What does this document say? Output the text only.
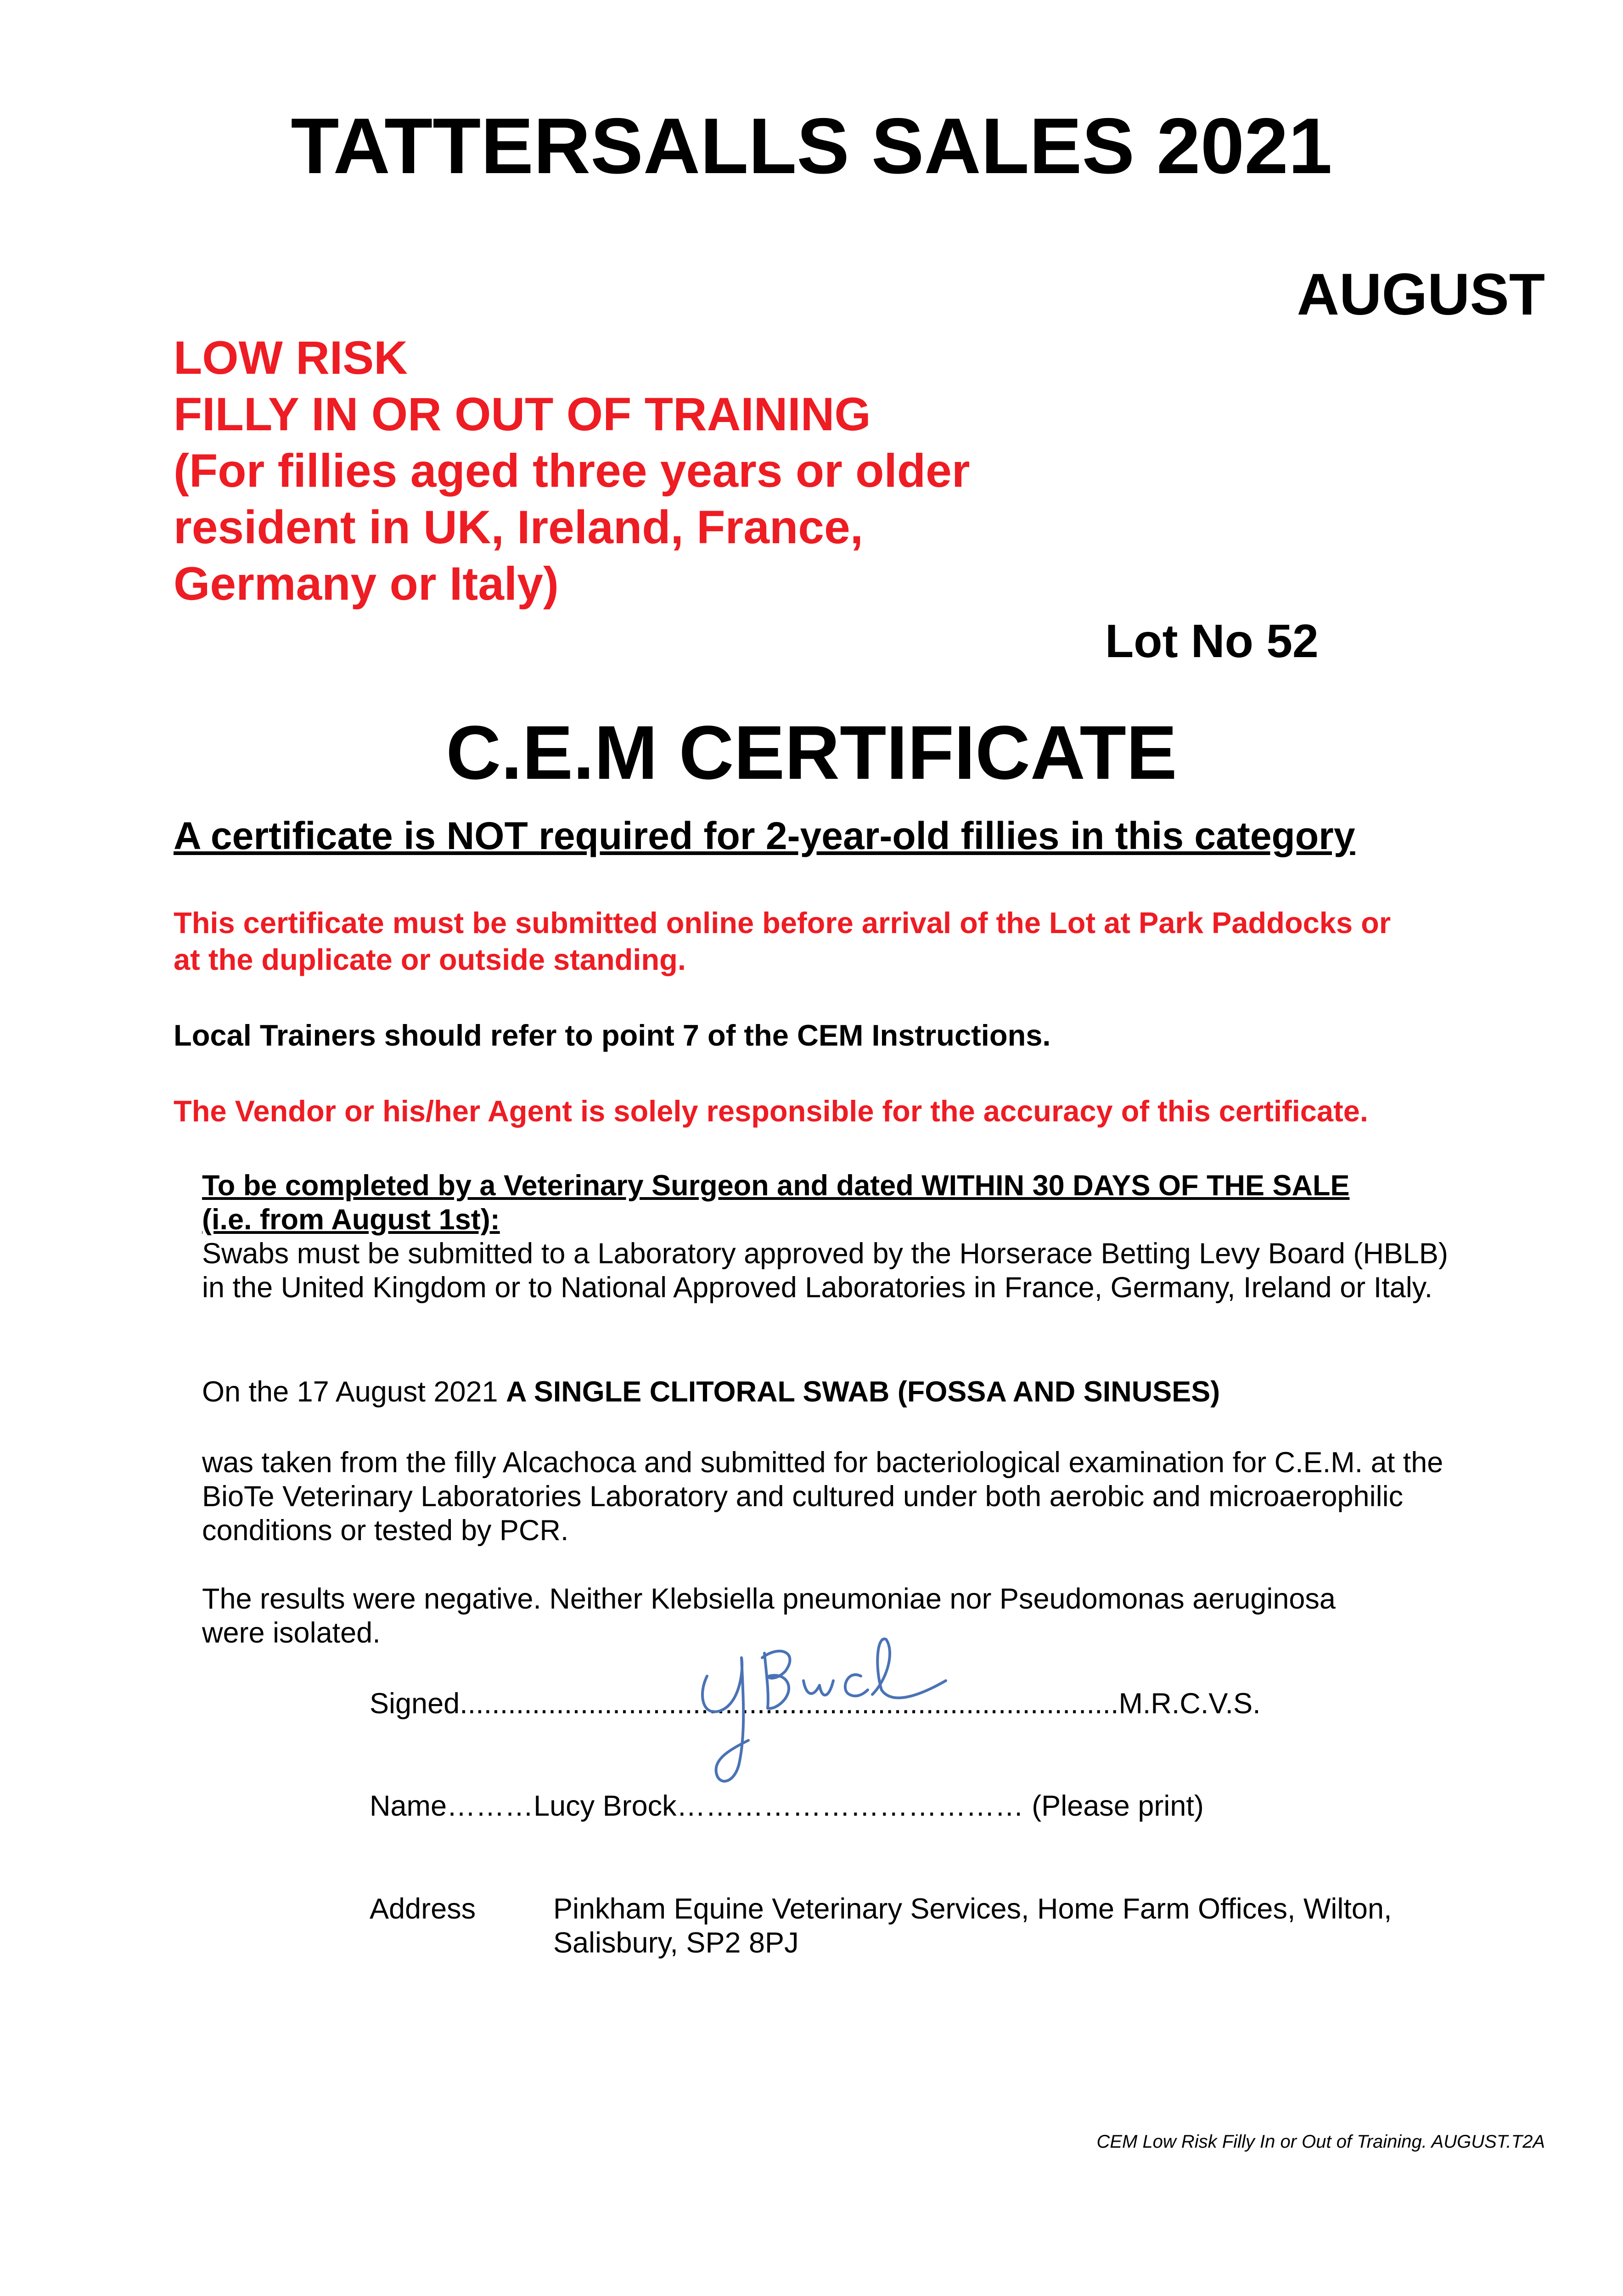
TATTERSALLS SALES 2021
AUGUST
LOW RISK
FILLY IN OR OUT OF TRAINING
(For fillies aged three years or older
resident in UK, Ireland, France,
Germany or Italy)
Lot No 52
C.E.M CERTIFICATE
A certificate is NOT required for 2-year-old fillies in this category
This certificate must be submitted online before arrival of the Lot at Park Paddocks or
at the duplicate or outside standing.
Local Trainers should refer to point 7 of the CEM Instructions.
The Vendor or his/her Agent is solely responsible for the accuracy of this certificate.
To be completed by a Veterinary Surgeon and dated WITHIN 30 DAYS OF THE SALE
(i.e. from August 1st):
Swabs must be submitted to a Laboratory approved by the Horserace Betting Levy Board (HBLB)
in the United Kingdom or to National Approved Laboratories in France, Germany, Ireland or Italy.
On the 17 August 2021 A SINGLE CLITORAL SWAB (FOSSA AND SINUSES)
was taken from the filly Alcachoca and submitted for bacteriological examination for C.E.M. at the
BioTe Veterinary Laboratories Laboratory and cultured under both aerobic and microaerophilic
conditions or tested by PCR.
The results were negative. Neither Klebsiella pneumoniae nor Pseudomonas aeruginosa
were isolated.
Signed..................................................................................M.R.C.V.S.
Name………Lucy Brock……………………………… (Please print)
Address	Pinkham Equine Veterinary Services, Home Farm Offices, Wilton,
Salisbury, SP2 8PJ
CEM Low Risk Filly In or Out of Training. AUGUST.T2A
